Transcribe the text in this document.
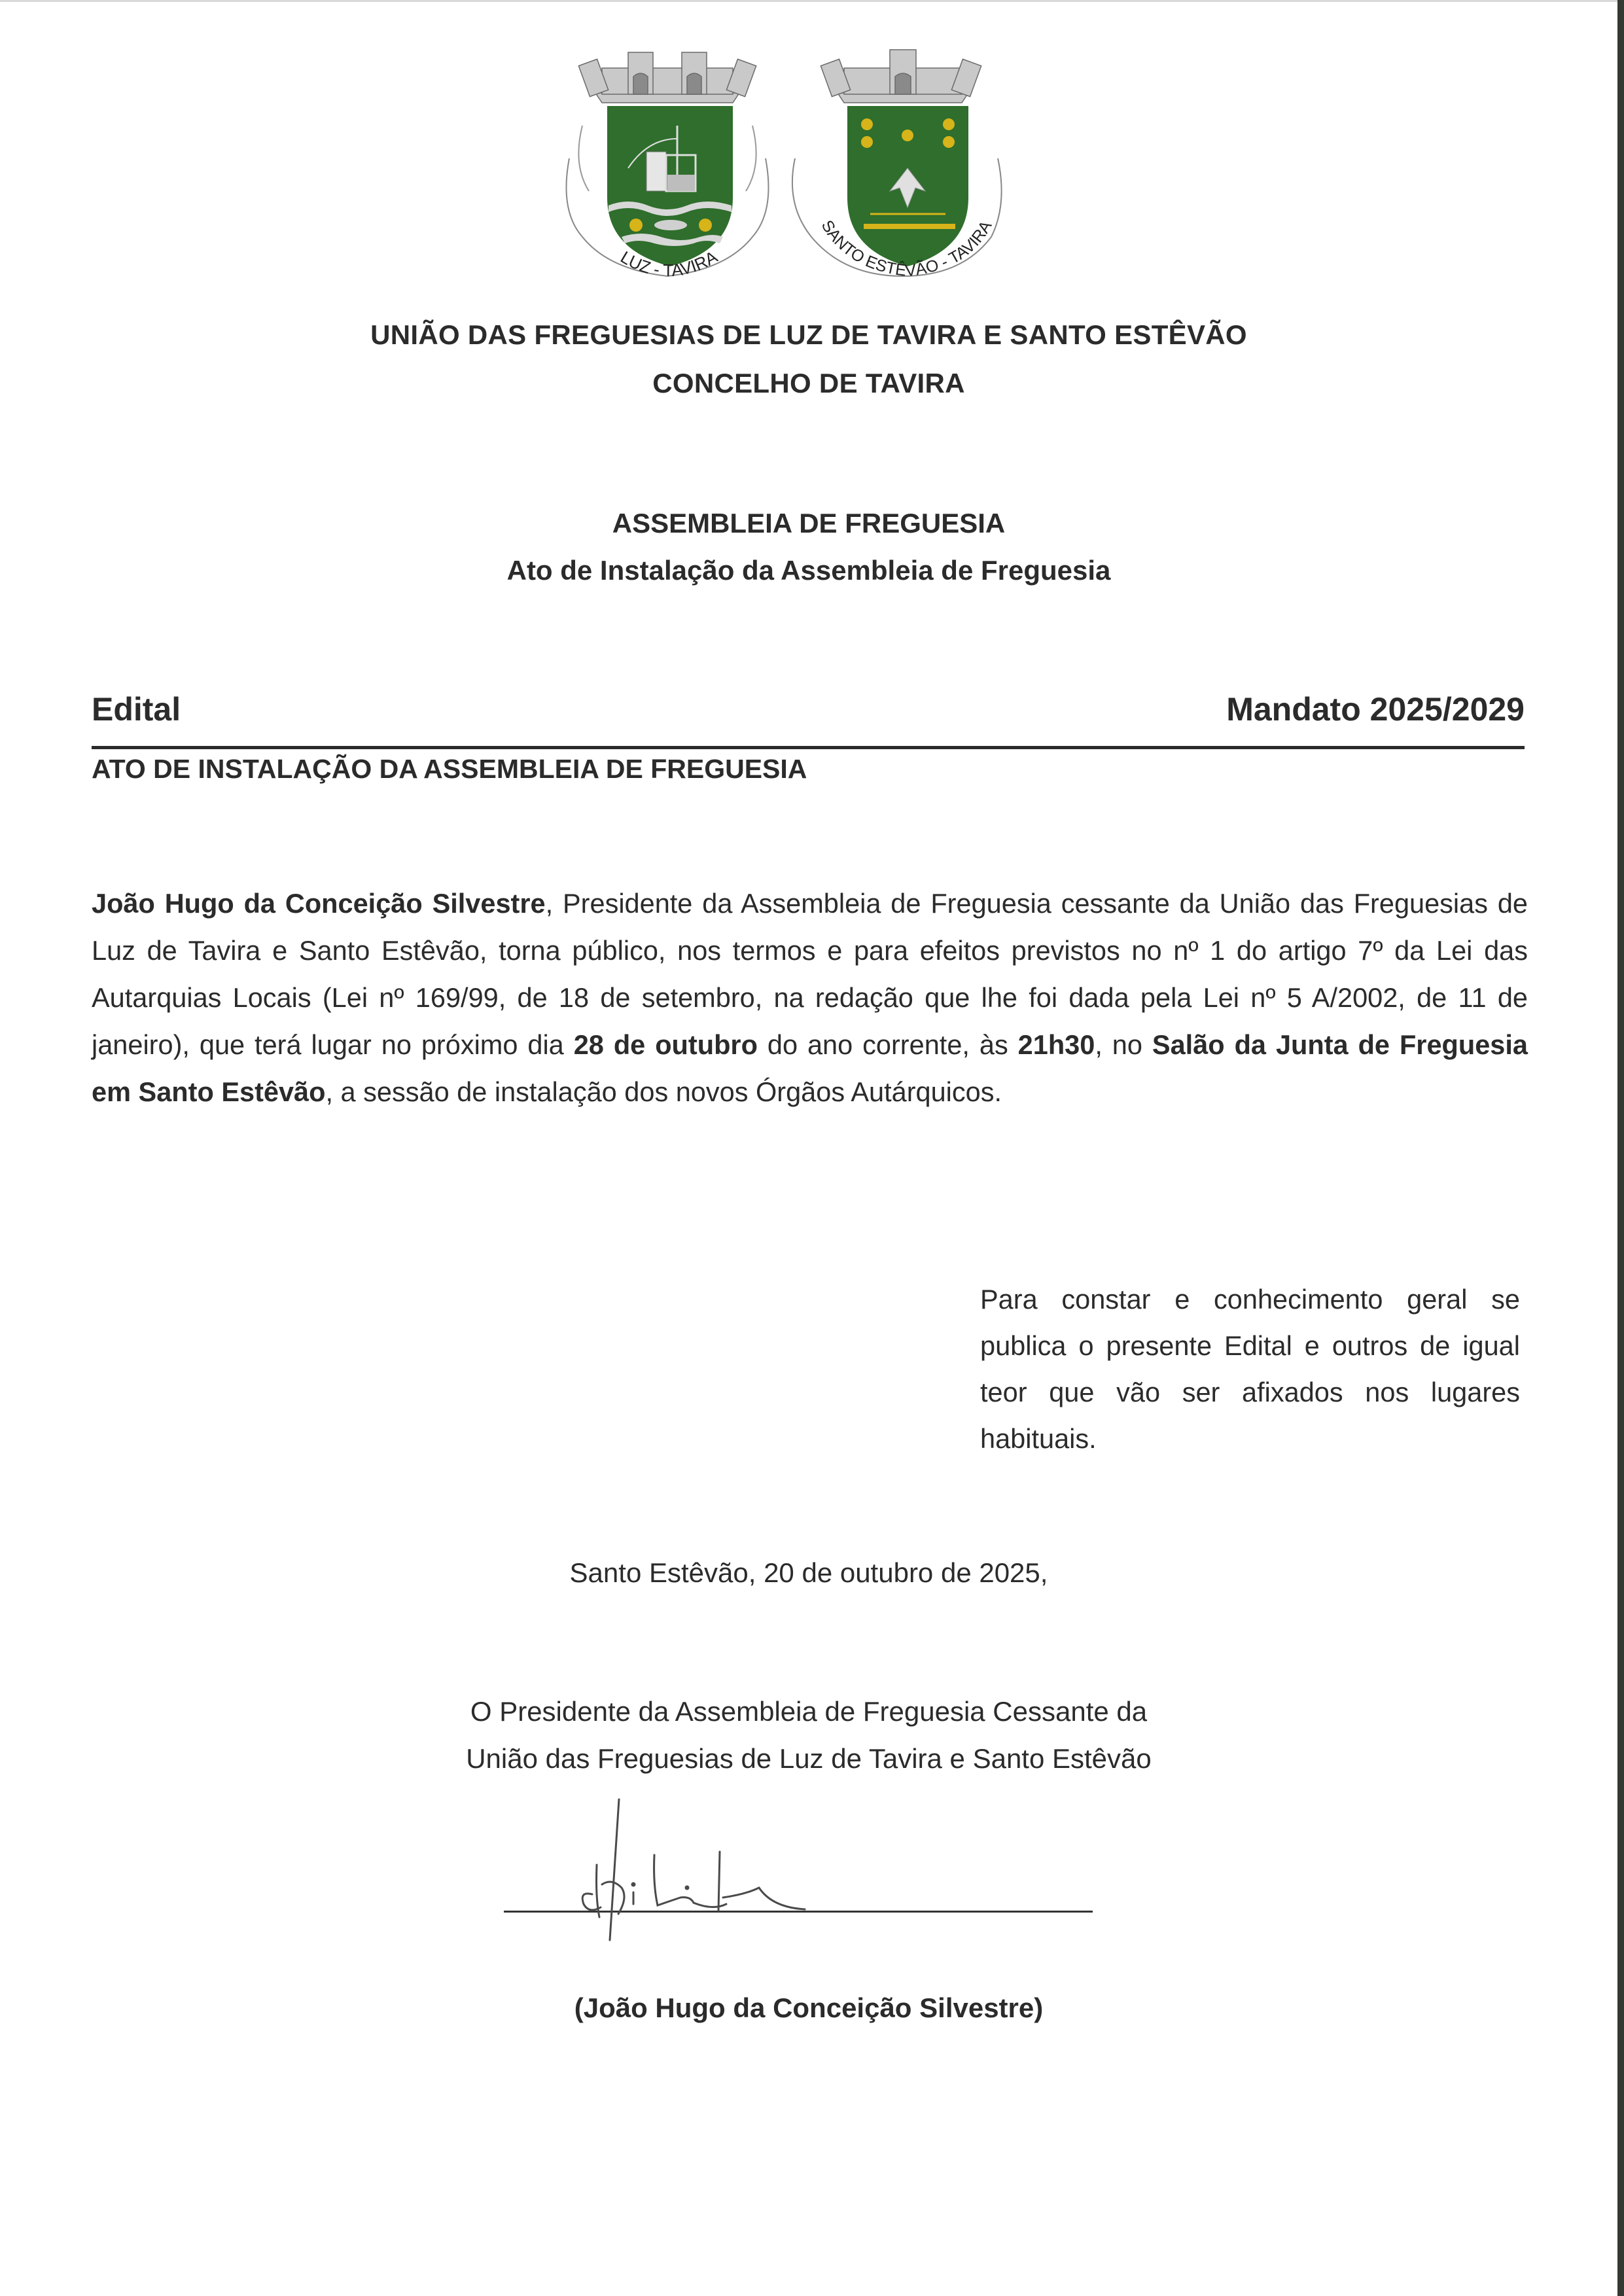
LUZ - TAVIRA
SANTO ESTÊVÃO - TAVIRA
UNIÃO DAS FREGUESIAS DE LUZ DE TAVIRA E SANTO ESTÊVÃO
CONCELHO DE TAVIRA
ASSEMBLEIA DE FREGUESIA
Ato de Instalação da Assembleia de Freguesia
Edital	Mandato 2025/2029
ATO DE INSTALAÇÃO DA ASSEMBLEIA DE FREGUESIA
João Hugo da Conceição Silvestre, Presidente da Assembleia de Freguesia cessante da União das Freguesias de Luz de Tavira e Santo Estêvão, torna público, nos termos e para efeitos previstos no nº 1 do artigo 7º da Lei das Autarquias Locais (Lei nº 169/99, de 18 de setembro, na redação que lhe foi dada pela Lei nº 5 A/2002, de 11 de janeiro), que terá lugar no próximo dia 28 de outubro do ano corrente, às 21h30, no Salão da Junta de Freguesia em Santo Estêvão, a sessão de instalação dos novos Órgãos Autárquicos.
Para constar e conhecimento geral se publica o presente Edital e outros de igual teor que vão ser afixados nos lugares habituais.
Santo Estêvão, 20 de outubro de 2025,
O Presidente da Assembleia de Freguesia Cessante da
União das Freguesias de Luz de Tavira e Santo Estêvão
(João Hugo da Conceição Silvestre)
